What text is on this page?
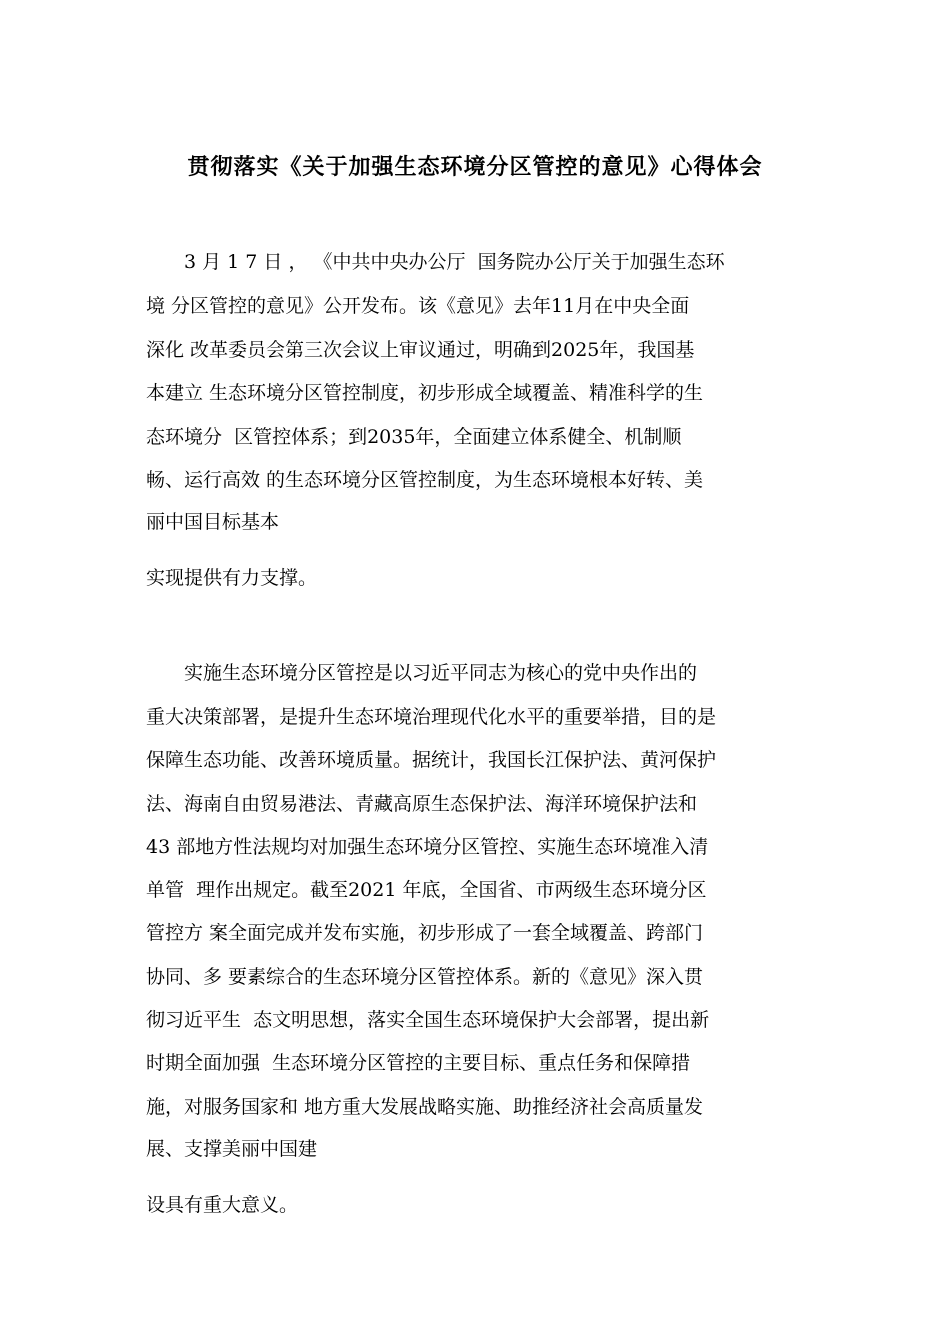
贯彻落实《关于加强生态环境分区管控的意见》心得体会
3 月 1 7 日 ， 《中共中央办公厅  国务院办公厅关于加强生态环
境 分区管控的意见》公开发布。该《意见》去年11月在中央全面
深化 改革委员会第三次会议上审议通过，明确到2025年，我国基
本建立 生态环境分区管控制度，初步形成全域覆盖、精准科学的生
态环境分  区管控体系；到2035年，全面建立体系健全、机制顺
畅、运行高效 的生态环境分区管控制度，为生态环境根本好转、美
丽中国目标基本
实现提供有力支撑。
实施生态环境分区管控是以习近平同志为核心的党中央作出的
重大决策部署，是提升生态环境治理现代化水平的重要举措，目的是
保障生态功能、改善环境质量。据统计，我国长江保护法、黄河保护
法、海南自由贸易港法、青藏高原生态保护法、海洋环境保护法和
43 部地方性法规均对加强生态环境分区管控、实施生态环境准入清
单管  理作出规定。截至2021 年底，全国省、市两级生态环境分区
管控方 案全面完成并发布实施，初步形成了一套全域覆盖、跨部门
协同、多 要素综合的生态环境分区管控体系。新的《意见》深入贯
彻习近平生  态文明思想，落实全国生态环境保护大会部署，提出新
时期全面加强  生态环境分区管控的主要目标、重点任务和保障措
施，对服务国家和 地方重大发展战略实施、助推经济社会高质量发
展、支撑美丽中国建
设具有重大意义。
